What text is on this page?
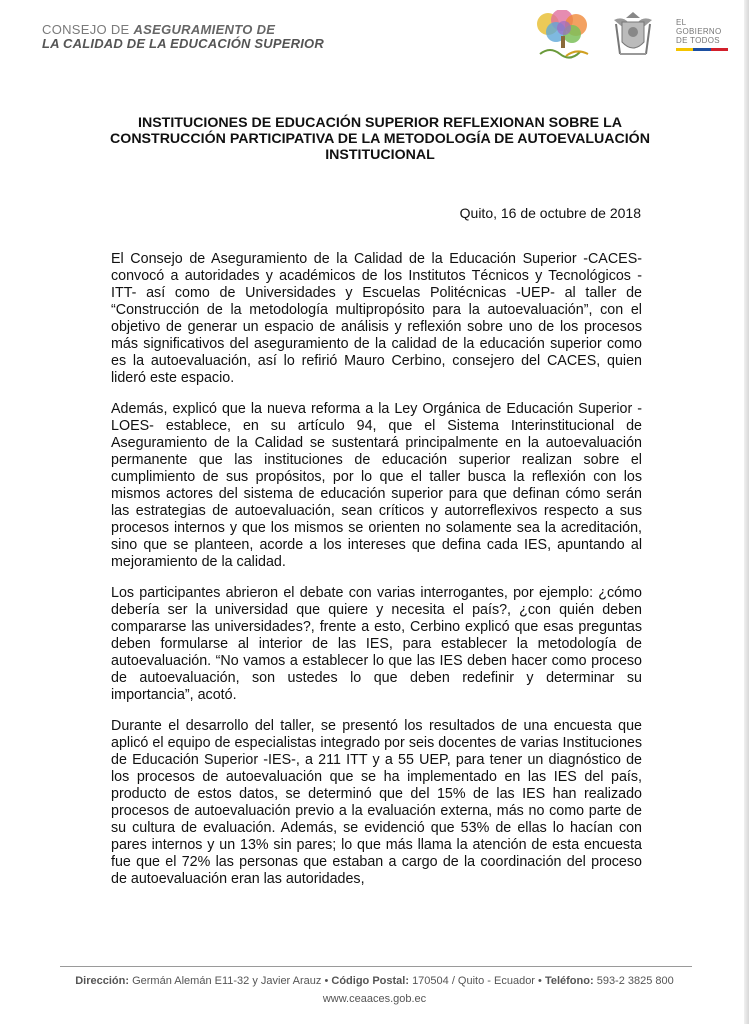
CONSEJO DE ASEGURAMIENTO DE
LA CALIDAD DE LA EDUCACIÓN SUPERIOR
EL
GOBIERNO
DE TODOS
INSTITUCIONES DE EDUCACIÓN SUPERIOR REFLEXIONAN SOBRE LA CONSTRUCCIÓN PARTICIPATIVA DE LA METODOLOGÍA DE AUTOEVALUACIÓN INSTITUCIONAL
Quito, 16 de octubre de 2018

El Consejo de Aseguramiento de la Calidad de la Educación Superior -CACES- convocó a autoridades y académicos de los Institutos Técnicos y Tecnológicos -ITT- así como de Universidades y Escuelas Politécnicas -UEP- al taller de “Construcción de la metodología multipropósito para la autoevaluación”, con el objetivo de generar un espacio de análisis y reflexión sobre uno de los procesos más significativos del aseguramiento de la calidad de la educación superior como es la autoevaluación, así lo refirió Mauro Cerbino, consejero del CACES, quien lideró este espacio.

Además, explicó que la nueva reforma a la Ley Orgánica de Educación Superior -LOES- establece, en su artículo 94, que el Sistema Interinstitucional de Aseguramiento de la Calidad se sustentará principalmente en la autoevaluación permanente que las instituciones de educación superior realizan sobre el cumplimiento de sus propósitos, por lo que el taller busca la reflexión con los mismos actores del sistema de educación superior para que definan cómo serán las estrategias de autoevaluación, sean críticos y autorreflexivos respecto a sus procesos internos y que los mismos se orienten no solamente sea la acreditación, sino que se planteen, acorde a los intereses que defina cada IES, apuntando al mejoramiento de la calidad.

Los participantes abrieron el debate con varias interrogantes, por ejemplo: ¿cómo debería ser la universidad que quiere y necesita el país?, ¿con quién deben compararse las universidades?, frente a esto, Cerbino explicó que esas preguntas deben formularse al interior de las IES, para establecer la metodología de autoevaluación. “No vamos a establecer lo que las IES deben hacer como proceso de autoevaluación, son ustedes lo que deben redefinir y determinar su importancia”, acotó.

Durante el desarrollo del taller, se presentó los resultados de una encuesta que aplicó el equipo de especialistas integrado por seis docentes de varias Instituciones de Educación Superior -IES-, a 211 ITT y a 55 UEP, para tener un diagnóstico de los procesos de autoevaluación que se ha implementado en las IES del país, producto de estos datos, se determinó que del 15% de las IES han realizado procesos de autoevaluación previo a la evaluación externa, más no como parte de su cultura de evaluación. Además, se evidenció que 53% de ellas lo hacían con pares internos y un 13% sin pares; lo que más llama la atención de esta encuesta fue que el 72% las personas que estaban a cargo de la coordinación del proceso de autoevaluación eran las autoridades,

Dirección: Germán Alemán E11-32 y Javier Arauz • Código Postal: 170504 / Quito - Ecuador • Teléfono: 593-2 3825 800
www.ceaaces.gob.ec
